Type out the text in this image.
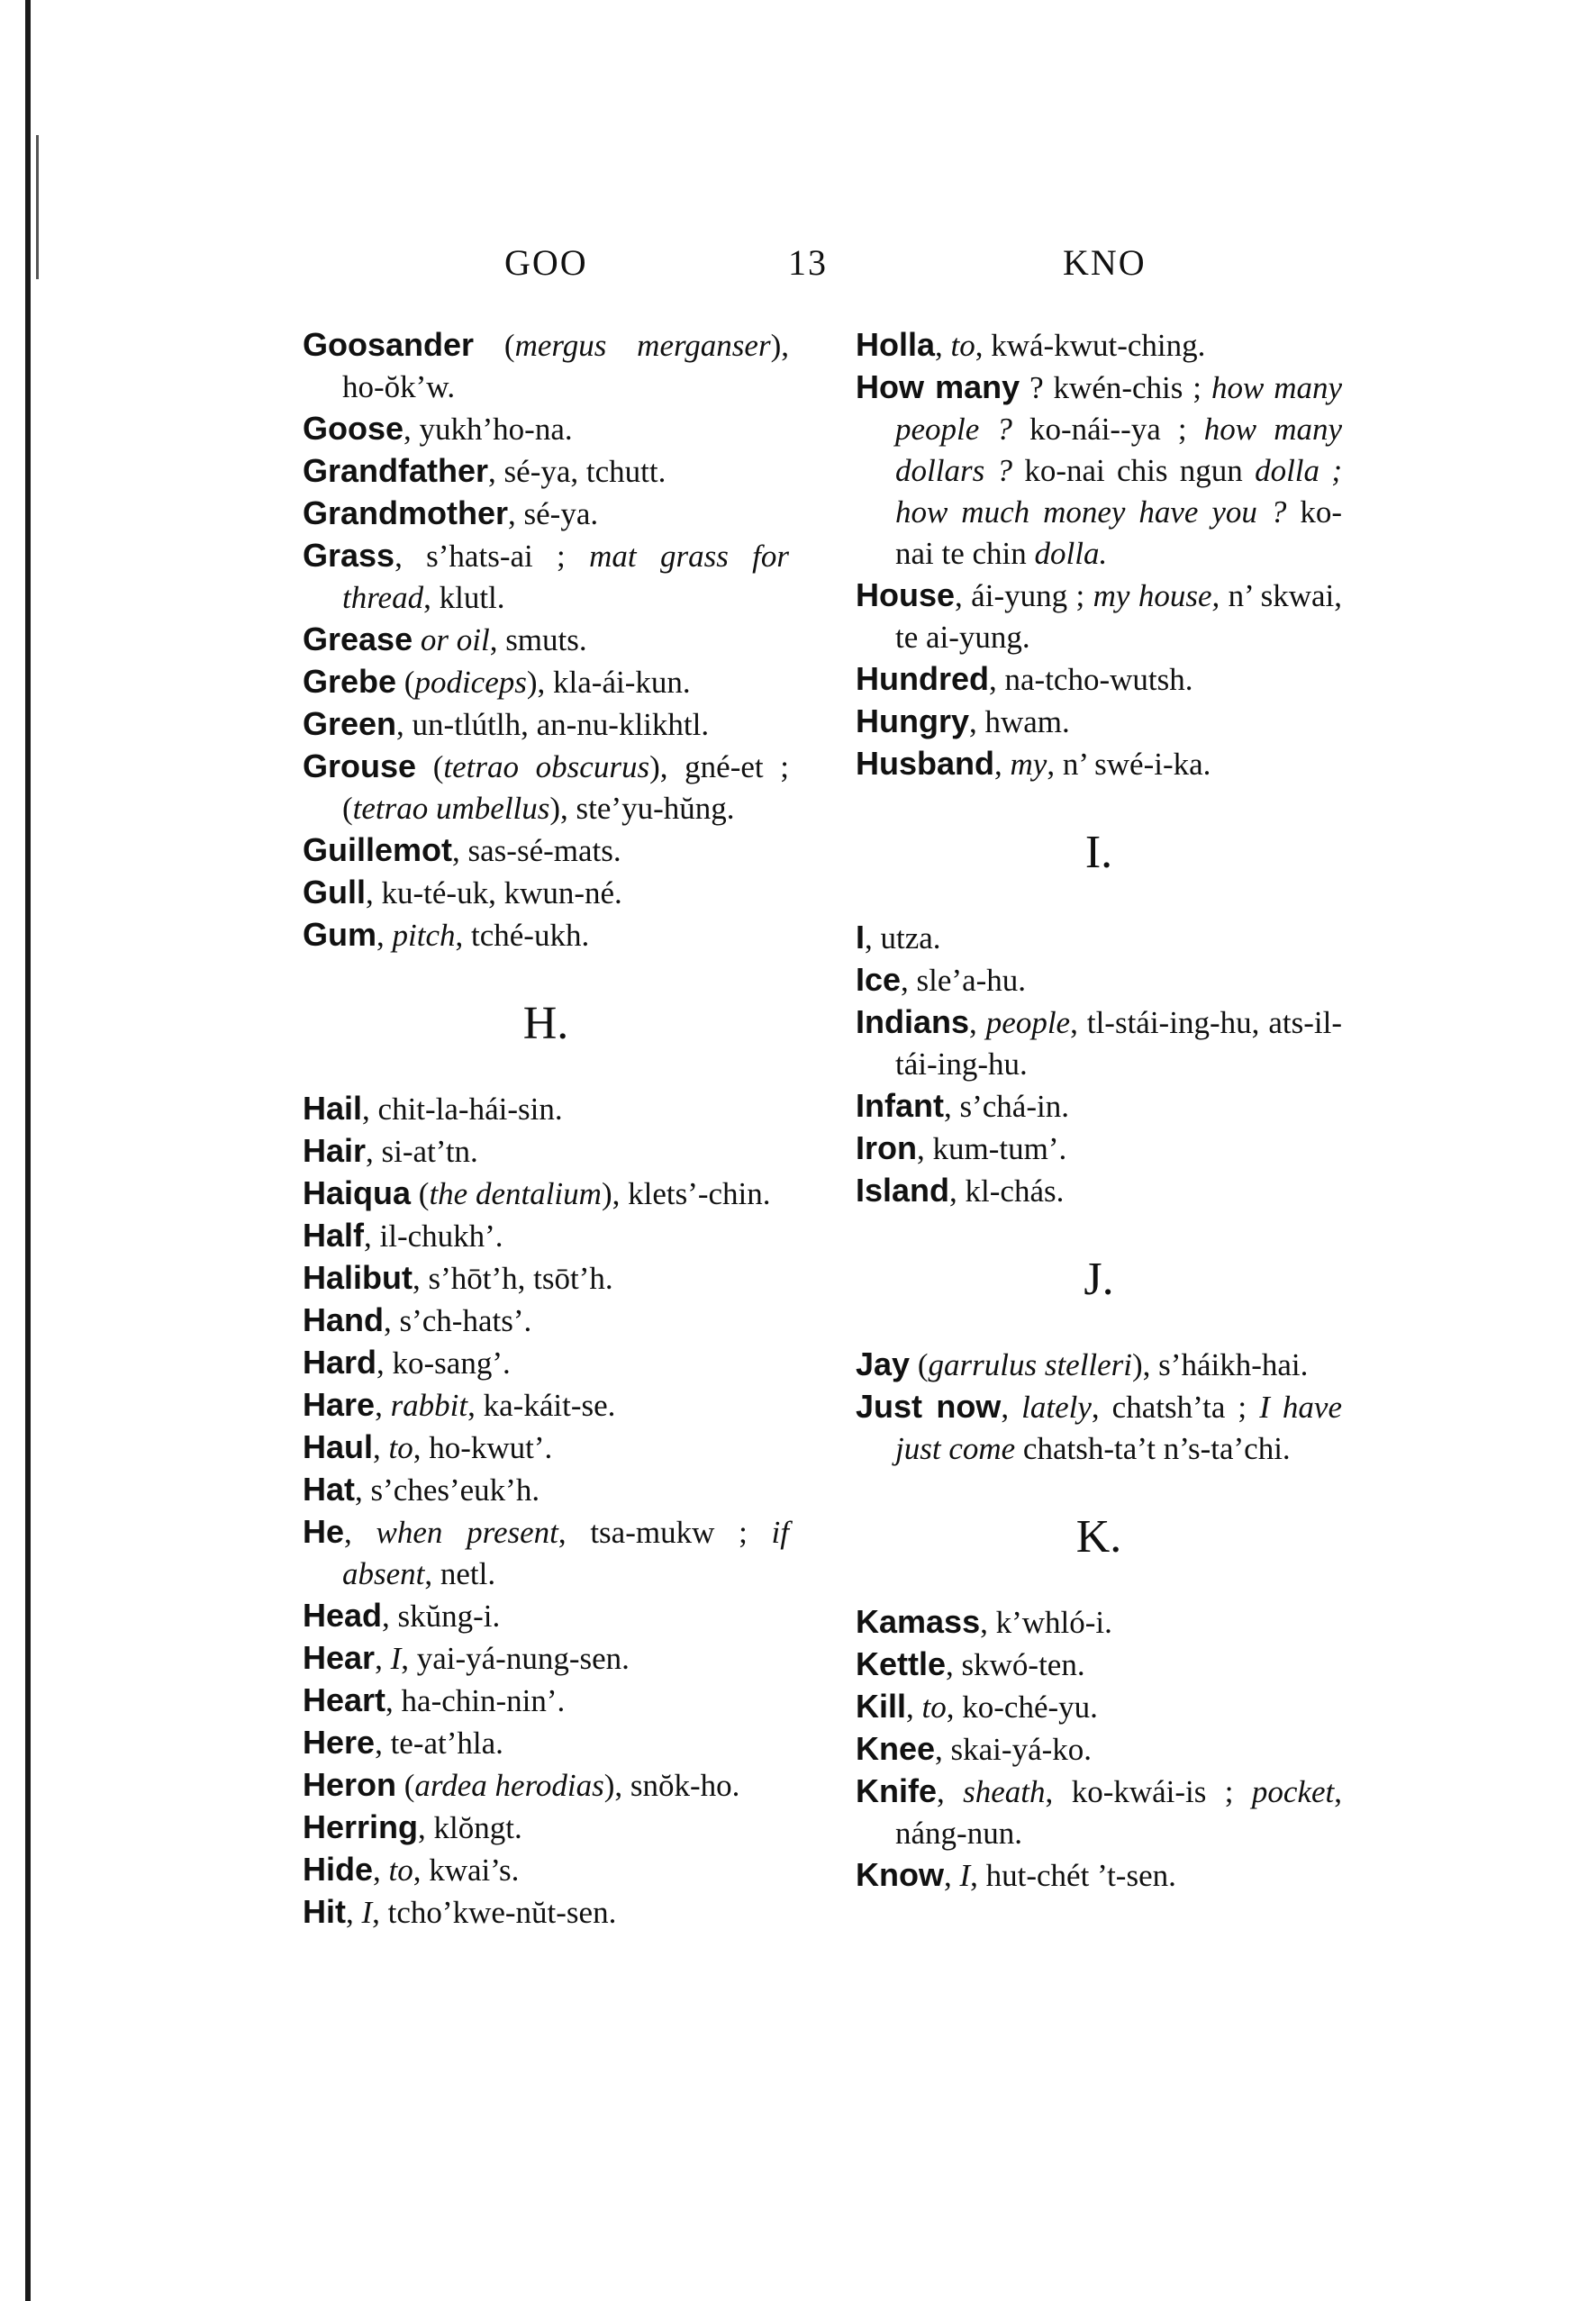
GOO	13	KNO

Goosander (mergus merganser), ho-ŏk’w.

Goose, yukh’ho-na.

Grandfather, sé-ya, tchutt.

Grandmother, sé-ya.

Grass, s’hats-ai ; mat grass for thread, klutl.

Grease or oil, smuts.

Grebe (podiceps), kla-ái-kun.

Green, un-tlútlh, an-nu-klikhtl.

Grouse (tetrao obscurus), gné-et ; (tetrao umbellus), ste’yu-hŭng.

Guillemot, sas-sé-mats.

Gull, ku-té-uk, kwun-né.

Gum, pitch, tché-ukh.

H.

Hail, chit-la-hái-sin.

Hair, si-at’tn.

Haiqua (the dentalium), klets’-chin.

Half, il-chukh’.

Halibut, s’hōt’h, tsōt’h.

Hand, s’ch-hats’.

Hard, ko-sang’.

Hare, rabbit, ka-káit-se.

Haul, to, ho-kwut’.

Hat, s’ches’euk’h.

He, when present, tsa-mukw ; if absent, netl.

Head, skŭng-i.

Hear, I, yai-yá-nung-sen.

Heart, ha-chin-nin’.

Here, te-at’hla.

Heron (ardea herodias), snŏk-ho.

Herring, klŏngt.

Hide, to, kwai’s.

Hit, I, tcho’kwe-nŭt-sen.

Holla, to, kwá-kwut-ching.

How many ? kwén-chis ; how many people ? ko-nái--ya ; how many dollars ? ko-nai chis ngun dolla ; how much money have you ? ko-nai te chin dolla.

House, ái-yung ; my house, n’ skwai, te ai-yung.

Hundred, na-tcho-wutsh.

Hungry, hwam.

Husband, my, n’ swé-i-ka.

I.

I, utza.

Ice, sle’a-hu.

Indians, people, tl-stái-ing-hu, ats-il-tái-ing-hu.

Infant, s’chá-in.

Iron, kum-tum’.

Island, kl-chás.

J.

Jay (garrulus stelleri), s’háikh-hai.

Just now, lately, chatsh’ta ; I have just come chatsh-ta’t n’s-ta’chi.

K.

Kamass, k’whló-i.

Kettle, skwó-ten.

Kill, to, ko-ché-yu.

Knee, skai-yá-ko.

Knife, sheath, ko-kwái-is ; pocket, náng-nun.

Know, I, hut-chét ’t-sen.
